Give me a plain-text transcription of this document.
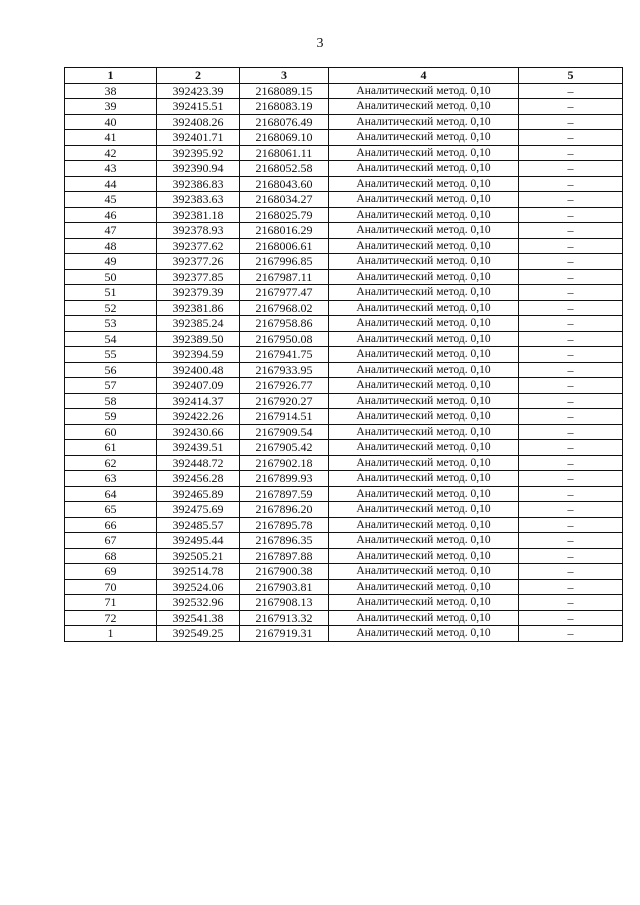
3
1	2	3	4	5
38	392423.39	2168089.15	Аналитический метод. 0,10	–
39	392415.51	2168083.19	Аналитический метод. 0,10	–
40	392408.26	2168076.49	Аналитический метод. 0,10	–
41	392401.71	2168069.10	Аналитический метод. 0,10	–
42	392395.92	2168061.11	Аналитический метод. 0,10	–
43	392390.94	2168052.58	Аналитический метод. 0,10	–
44	392386.83	2168043.60	Аналитический метод. 0,10	–
45	392383.63	2168034.27	Аналитический метод. 0,10	–
46	392381.18	2168025.79	Аналитический метод. 0,10	–
47	392378.93	2168016.29	Аналитический метод. 0,10	–
48	392377.62	2168006.61	Аналитический метод. 0,10	–
49	392377.26	2167996.85	Аналитический метод. 0,10	–
50	392377.85	2167987.11	Аналитический метод. 0,10	–
51	392379.39	2167977.47	Аналитический метод. 0,10	–
52	392381.86	2167968.02	Аналитический метод. 0,10	–
53	392385.24	2167958.86	Аналитический метод. 0,10	–
54	392389.50	2167950.08	Аналитический метод. 0,10	–
55	392394.59	2167941.75	Аналитический метод. 0,10	–
56	392400.48	2167933.95	Аналитический метод. 0,10	–
57	392407.09	2167926.77	Аналитический метод. 0,10	–
58	392414.37	2167920.27	Аналитический метод. 0,10	–
59	392422.26	2167914.51	Аналитический метод. 0,10	–
60	392430.66	2167909.54	Аналитический метод. 0,10	–
61	392439.51	2167905.42	Аналитический метод. 0,10	–
62	392448.72	2167902.18	Аналитический метод. 0,10	–
63	392456.28	2167899.93	Аналитический метод. 0,10	–
64	392465.89	2167897.59	Аналитический метод. 0,10	–
65	392475.69	2167896.20	Аналитический метод. 0,10	–
66	392485.57	2167895.78	Аналитический метод. 0,10	–
67	392495.44	2167896.35	Аналитический метод. 0,10	–
68	392505.21	2167897.88	Аналитический метод. 0,10	–
69	392514.78	2167900.38	Аналитический метод. 0,10	–
70	392524.06	2167903.81	Аналитический метод. 0,10	–
71	392532.96	2167908.13	Аналитический метод. 0,10	–
72	392541.38	2167913.32	Аналитический метод. 0,10	–
1	392549.25	2167919.31	Аналитический метод. 0,10	–
